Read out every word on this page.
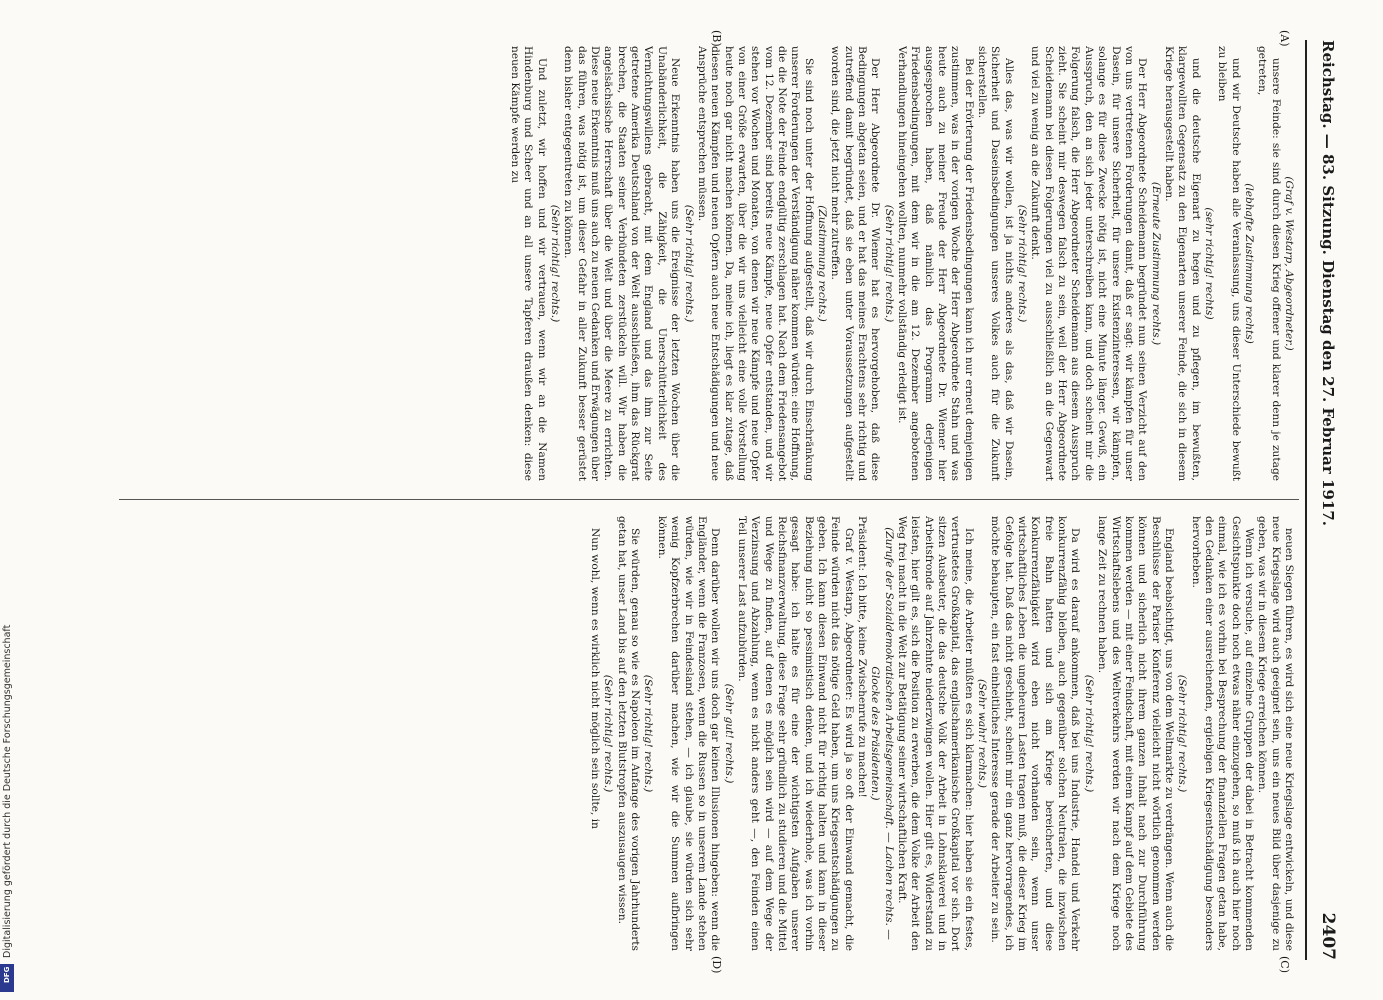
Reichstag. — 83. Sitzung. Dienstag den 27. Februar 1917.
2407
(A)
(B)
(C)
(D)

(Graf v. Westarp, Abgeordneter.)

unsere Feinde: sie sind durch diesen Krieg offener und klarer denn je zutage getreten,

(lebhafte Zustimmung rechts)

und wir Deutsche haben alle Veranlassung, uns dieser Unterschiede bewußt zu bleiben

(sehr richtig! rechts)

und die deutsche Eigenart zu hegen und zu pflegen, im bewußten, klargewollten Gegensatz zu den Eigenarten unserer Feinde, die sich in diesem Kriege herausgestellt haben.

(Erneute Zustimmung rechts.)

Der Herr Abgeordnete Scheidemann begründet nun seinen Verzicht auf den von uns vertretenen Forderungen damit, daß er sagt: wir kämpfen für unser Dasein, für unsere Sicherheit, für unsere Existenzinteressen, wir kämpfen, solange es für diese Zwecke nötig ist, nicht eine Minute länger. Gewiß, ein Ausspruch, den an sich jeder unterschreiben kann, und doch scheint mir die Folgerung falsch, die Herr Abgeordneter Scheidemann aus diesem Ausspruch zieht. Sie scheint mir deswegen falsch zu sein, weil der Herr Abgeordnete Scheidemann bei diesen Folgerungen viel zu ausschließlich an die Gegenwart und viel zu wenig an die Zukunft denkt.

(Sehr richtig! rechts.)

Alles das, was wir wollen, ist ja nichts anderes als das, daß wir Dasein, Sicherheit und Daseinsbedingungen unseres Volkes auch für die Zukunft sicherstellen.

Bei der Erörterung der Friedensbedingungen kann ich nur erneut demjenigen zustimmen, was in der vorigen Woche der Herr Abgeordnete Stahn und was heute auch zu meiner Freude der Herr Abgeordnete Dr. Wiemer hier ausgesprochen haben, daß nämlich das Programm derjenigen Friedensbedingungen, mit dem wir in die am 12. Dezember angebotenen Verhandlungen hineingehen wollten, nunmehr vollständig erledigt ist.

(Sehr richtig! rechts.)

Der Herr Abgeordnete Dr. Wiemer hat es hervorgehoben, daß diese Bedingungen abgetan seien, und er hat das meines Erachtens sehr richtig und zutreffend damit begründet, daß sie eben unter Voraussetzungen aufgestellt worden sind, die jetzt nicht mehr zutreffen.

(Zustimmung rechts.)

Sie sind noch unter der Hoffnung aufgestellt, daß wir durch Einschränkung unserer Forderungen der Verständigung näher kommen würden: eine Hoffnung, die die Note der Feinde endgültig zerschlagen hat. Nach dem Friedensangebot vom 12. Dezember sind bereits neue Kämpfe, neue Opfer entstanden, und wir stehen vor Wochen und Monaten, von denen wir neue Kämpfe und neue Opfer von einer Größe erwarten, über die wir uns vielleicht eine volle Vorstellung heute noch gar nicht machen können. Da, meine ich, liegt es klar zutage, daß diesen neuen Kämpfen und neuen Opfern auch neue Entschädigungen und neue Ansprüche entsprechen müssen.

(Sehr richtig! rechts.)

Neue Erkenntnis haben uns die Ereignisse der letzten Wochen über die Unabänderlichkeit, die Zähigkeit, die Unerschütterlichkeit des Vernichtungswillens gebracht, mit dem England und das ihm zur Seite getretene Amerika Deutschland von der Welt ausschließen, ihm das Rückgrat brechen, die Staaten seiner Verbündeten zerstückeln will. Wir haben die angelsächsische Herrschaft über die Welt und über die Meere zu errichten. Diese neue Erkenntnis muß uns auch zu neuen Gedanken und Erwägungen über das führen, was nötig ist, um dieser Gefahr in aller Zukunft besser gerüstet denn bisher entgegentreten zu können.

(Sehr richtig! rechts.)

Und zuletzt, wir hoffen und wir vertrauen, wenn wir an die Namen Hindenburg und Scheer und an all unsere Tapferen draußen denken: diese neuen Kämpfe werden zu

neuen Siegen führen, es wird sich eine neue Kriegslage entwickeln, und diese neue Kriegslage wird auch geeignet sein, uns ein neues Bild über dasjenige zu geben, was wir in diesem Kriege erreichen können.

Wenn ich versuche, auf einzelne Gruppen der dabei in Betracht kommenden Gesichtspunkte doch noch etwas näher einzugehen, so muß ich auch hier noch einmal, wie ich es vorhin bei Besprechung der finanziellen Fragen getan habe, den Gedanken einer ausreichenden, ergiebigen Kriegsentschädigung besonders hervorheben.

(Sehr richtig! rechts.)

England beabsichtigt, uns von dem Weltmarkte zu verdrängen. Wenn auch die Beschlüsse der Pariser Konferenz vielleicht nicht wörtlich genommen werden können und sicherlich nicht ihrem ganzen Inhalt nach zur Durchführung kommen werden — mit einer Feindschaft, mit einem Kampf auf dem Gebiete des Wirtschaftslebens und des Weltverkehrs werden wir nach dem Kriege noch lange Zeit zu rechnen haben.

(Sehr richtig! rechts.)

Da wird es darauf ankommen, daß bei uns Industrie, Handel und Verkehr konkurrenzfähig bleiben, auch gegenüber solchen Neutralen, die inzwischen freie Bahn hatten und sich am Kriege bereicherten, und diese Konkurrenzfähigkeit wird eben nicht vorhanden sein, wenn unser wirtschaftliches Leben die ungeheuren Lasten tragen muß, die dieser Krieg im Gefolge hat. Daß das nicht geschieht, scheint mir ein ganz hervorragendes, ich möchte behaupten, ein fast einheitliches Interesse gerade der Arbeiter zu sein.

(Sehr wahr! rechts.)

Ich meine, die Arbeiter müßten es sich klarmachen: hier haben sie ein festes, vertrustetes Großkapital, das englischamerikanische Großkapital vor sich. Dort sitzen Ausbeuter, die das deutsche Volk der Arbeit in Lohnsklaverei und in Arbeitsfronde auf Jahrzehnte niederzwingen wollen. Hier gilt es, Widerstand zu leisten, hier gilt es, sich die Position zu erwerben, die dem Volke der Arbeit den Weg frei macht in die Welt zur Betätigung seiner wirtschaftlichen Kraft.

(Zurufe der Sozialdemokratischen Arbeitsgemeinschaft. — Lachen rechts. — Glocke des Präsidenten.)

Präsident: Ich bitte, keine Zwischenrufe zu machen!

Graf v. Westarp, Abgeordneter: Es wird ja so oft der Einwand gemacht, die Feinde würden nicht das nötige Geld haben, um uns Kriegsentschädigungen zu geben. Ich kann diesen Einwand nicht für richtig halten und kann in dieser Beziehung nicht so pessimistisch denken, und ich wiederhole, was ich vorhin gesagt habe: ich halte es für eine der wichtigsten Aufgaben unserer Reichsfinanzverwaltung, diese Frage sehr gründlich zu studieren und die Mittel und Wege zu finden, auf denen es möglich sein wird — auf dem Wege der Verzinsung und Abzahlung, wenn es nicht anders geht —, den Feinden einen Teil unserer Last aufzubürden.

(Sehr gut! rechts.)

Denn darüber wollen wir uns doch gar keinen Illusionen hingeben: wenn die Engländer, wenn die Franzosen, wenn die Russen so in unserem Lande stehen würden, wie wir in Feindesland stehen, — ich glaube, sie würden sich sehr wenig Kopfzerbrechen darüber machen, wie wir die Summen aufbringen können.

(Sehr richtig! rechts.)

Sie würden, genau so wie es Napoleon im Anfange des vorigen Jahrhunderts getan hat, unser Land bis auf den letzten Blutstropfen auszusaugen wissen.

(Sehr richtig! rechts.)

Nun wohl, wenn es wirklich nicht möglich sein sollte, in

DFG
Digitalisierung gefördert durch die Deutsche Forschungsgemeinschaft
